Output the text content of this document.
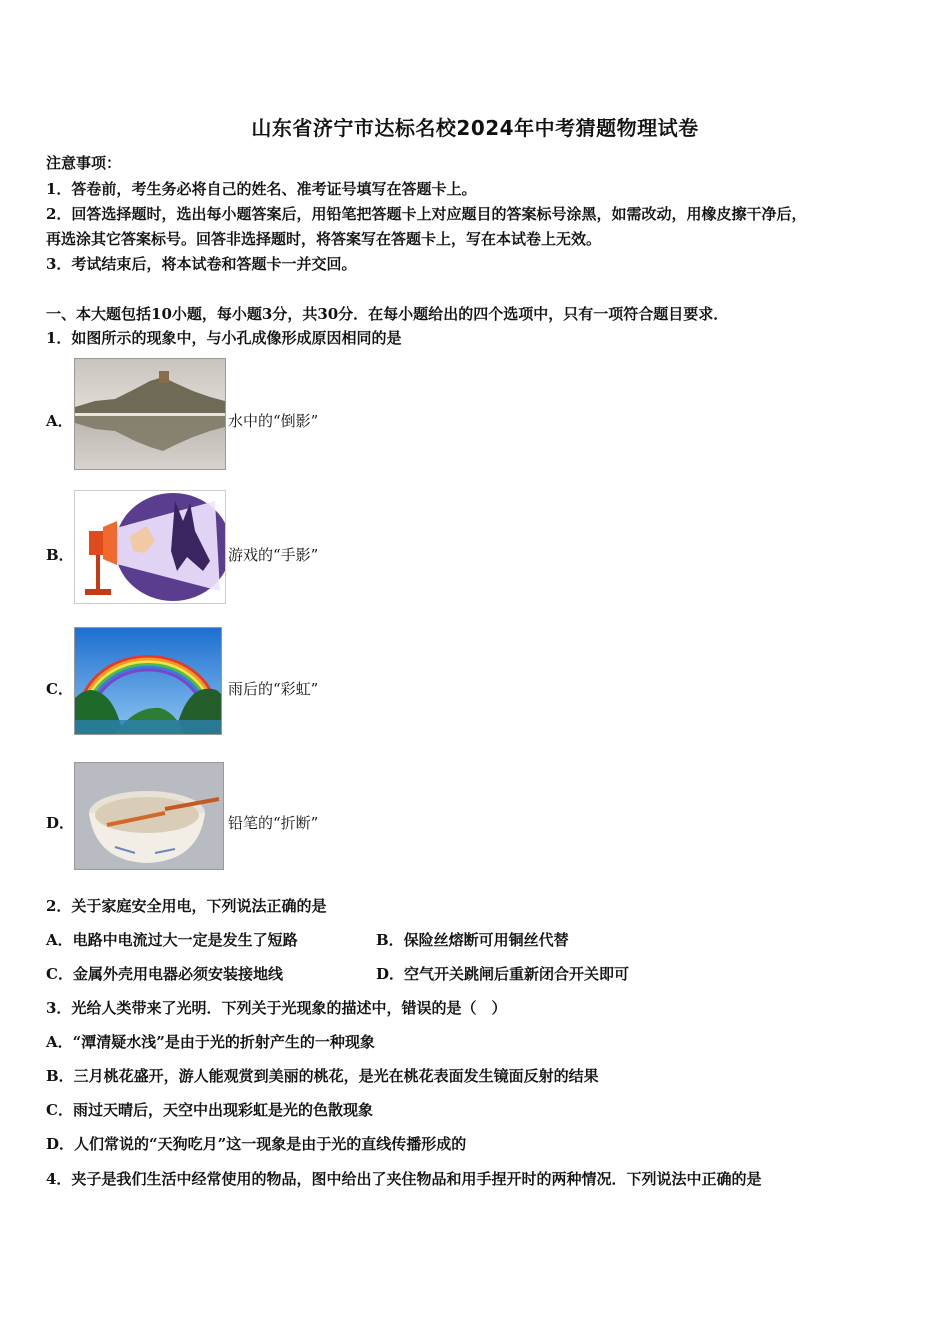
山东省济宁市达标名校2024年中考猜题物理试卷
注意事项：
1．答卷前，考生务必将自己的姓名、准考证号填写在答题卡上。
2．回答选择题时，选出每小题答案后，用铅笔把答题卡上对应题目的答案标号涂黑，如需改动，用橡皮擦干净后，
再选涂其它答案标号。回答非选择题时，将答案写在答题卡上，写在本试卷上无效。
3．考试结束后，将本试卷和答题卡一并交回。
一、本大题包括10小题，每小题3分，共30分．在每小题给出的四个选项中，只有一项符合题目要求．
1．如图所示的现象中，与小孔成像形成原因相同的是
A．	水中的“倒影”
B．	游戏的“手影”
C．	雨后的“彩虹”
D．	铅笔的“折断”
2．关于家庭安全用电，下列说法正确的是
A．电路中电流过大一定是发生了短路	B．保险丝熔断可用铜丝代替
C．金属外壳用电器必须安装接地线	D．空气开关跳闸后重新闭合开关即可
3．光给人类带来了光明．下列关于光现象的描述中，错误的是（　）
A．“潭清疑水浅”是由于光的折射产生的一种现象
B．三月桃花盛开，游人能观赏到美丽的桃花，是光在桃花表面发生镜面反射的结果
C．雨过天晴后，天空中出现彩虹是光的色散现象
D．人们常说的“天狗吃月”这一现象是由于光的直线传播形成的
4．夹子是我们生活中经常使用的物品，图中给出了夹住物品和用手捏开时的两种情况．下列说法中正确的是
